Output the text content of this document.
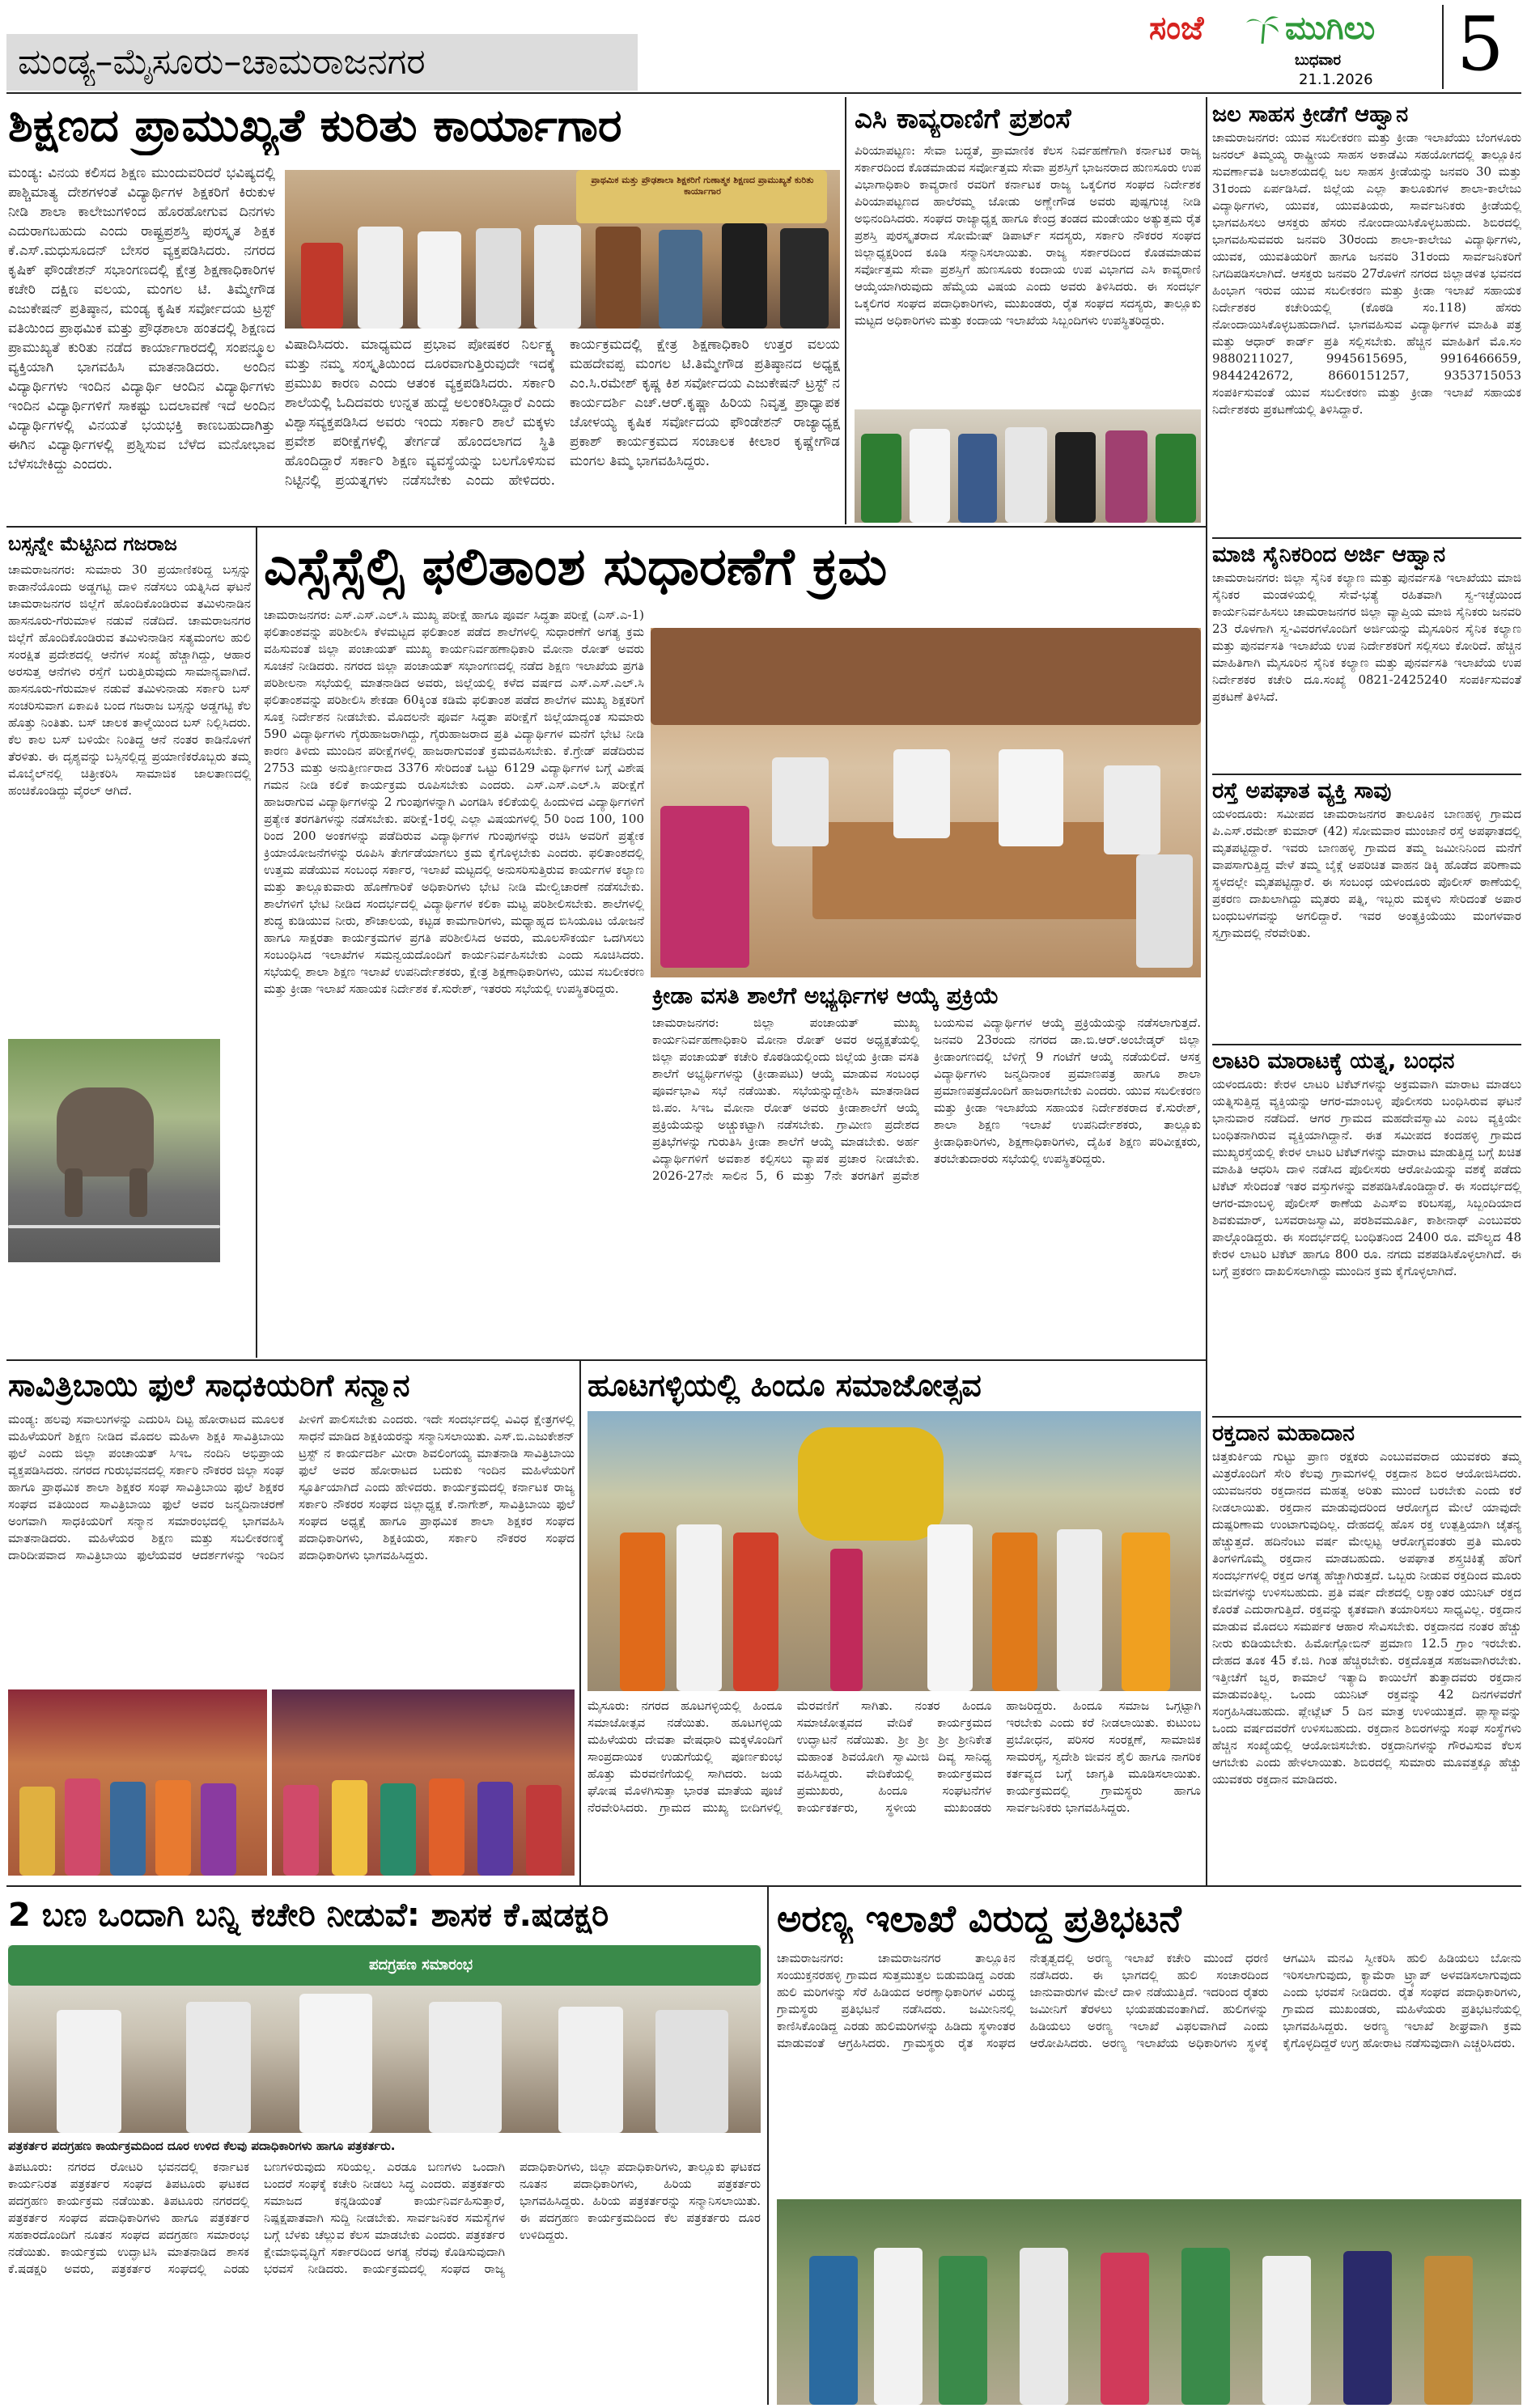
ಮಂಡ್ಯ–ಮೈಸೂರು–ಚಾಮರಾಜನಗರ
ಸಂಜೆ	ಮುಗಿಲು
ಬುಧವಾರ
21.1.2026 5
ಶಿಕ್ಷಣದ ಪ್ರಾಮುಖ್ಯತೆ ಕುರಿತು ಕಾರ್ಯಾಗಾರ
ಮಂಡ್ಯ: ವಿನಯ ಕಲಿಸದ ಶಿಕ್ಷಣ ಮುಂದುವರಿದರೆ ಭವಿಷ್ಯದಲ್ಲಿ ಪಾಶ್ಚಿಮಾತ್ಯ ದೇಶಗಳಂತೆ ವಿದ್ಯಾರ್ಥಿಗಳ ಶಿಕ್ಷಕರಿಗೆ ಕಿರುಕುಳ ನೀಡಿ ಶಾಲಾ ಕಾಲೇಜುಗಳಿಂದ ಹೊರಹೋಗುವ ದಿನಗಳು ಎದುರಾಗಬಹುದು ಎಂದು ರಾಷ್ಟ್ರಪ್ರಶಸ್ತಿ ಪುರಸ್ಕೃತ ಶಿಕ್ಷಕ ಕೆ.ಎಸ್.ಮಧುಸೂದನ್ ಬೇಸರ ವ್ಯಕ್ತಪಡಿಸಿದರು. ನಗರದ ಕೃಷಿಕ್ ಫೌಂಡೇಶನ್ ಸಭಾಂಗಣದಲ್ಲಿ ಕ್ಷೇತ್ರ ಶಿಕ್ಷಣಾಧಿಕಾರಿಗಳ ಕಚೇರಿ ದಕ್ಷಿಣ ವಲಯ, ಮಂಗಲ ಟಿ. ತಿಮ್ಮೇಗೌಡ ಎಜುಕೇಷನ್ ಪ್ರತಿಷ್ಠಾನ, ಮಂಡ್ಯ ಕೃಷಿಕ ಸರ್ವೋದಯ ಟ್ರಸ್ಟ್ ವತಿಯಿಂದ ಪ್ರಾಥಮಿಕ ಮತ್ತು ಪ್ರೌಢಶಾಲಾ ಹಂತದಲ್ಲಿ ಶಿಕ್ಷಣದ ಪ್ರಾಮುಖ್ಯತೆ ಕುರಿತು ನಡೆದ ಕಾರ್ಯಾಗಾರದಲ್ಲಿ ಸಂಪನ್ಮೂಲ ವ್ಯಕ್ತಿಯಾಗಿ ಭಾಗವಹಿಸಿ ಮಾತನಾಡಿದರು. ಅಂದಿನ ವಿದ್ಯಾರ್ಥಿಗಳು ಇಂದಿನ ವಿದ್ಯಾರ್ಥಿ ಆಂದಿನ ವಿದ್ಯಾರ್ಥಿಗಳು ಇಂದಿನ ವಿದ್ಯಾರ್ಥಿಗಳಿಗೆ ಸಾಕಷ್ಟು ಬದಲಾವಣೆ ಇದೆ ಅಂದಿನ ವಿದ್ಯಾರ್ಥಿಗಳಲ್ಲಿ ವಿನಯತೆ ಭಯಭಕ್ತಿ ಕಾಣಬಹುದಾಗಿತ್ತು ಈಗಿನ ವಿದ್ಯಾರ್ಥಿಗಳಲ್ಲಿ ಪ್ರಶ್ನಿಸುವ ಬೆಳೆದ ಮನೋಭಾವ ಬೆಳೆಸಬೇಕಿದ್ದು ಎಂದರು.
ಪ್ರಾಥಮಿಕ ಮತ್ತು ಪ್ರೌಢಶಾಲಾ ಶಿಕ್ಷಕರಿಗೆ ಗುಣಾತ್ಮಕ ಶಿಕ್ಷಣದ ಪ್ರಾಮುಖ್ಯತೆ ಕುರಿತು ಕಾರ್ಯಾಗಾರ
ವಿಷಾದಿಸಿದರು. ಮಾಧ್ಯಮದ ಪ್ರಭಾವ ಪೋಷಕರ ನಿರ್ಲಕ್ಷ್ಯ ಮತ್ತು ನಮ್ಮ ಸಂಸ್ಕೃತಿಯಿಂದ ದೂರವಾಗುತ್ತಿರುವುದೇ ಇದಕ್ಕೆ ಪ್ರಮುಖ ಕಾರಣ ಎಂದು ಆತಂಕ ವ್ಯಕ್ತಪಡಿಸಿದರು. ಸರ್ಕಾರಿ ಶಾಲೆಯಲ್ಲಿ ಓದಿದವರು ಉನ್ನತ ಹುದ್ದೆ ಅಲಂಕರಿಸಿದ್ದಾರೆ ಎಂದು ವಿಶ್ವಾಸವ್ಯಕ್ತಪಡಿಸಿದ ಅವರು ಇಂದು ಸರ್ಕಾರಿ ಶಾಲೆ ಮಕ್ಕಳು ಪ್ರವೇಶ ಪರೀಕ್ಷೆಗಳಲ್ಲಿ ತೇರ್ಗಡೆ ಹೊಂದಲಾಗದ ಸ್ಥಿತಿ ಹೊಂದಿದ್ದಾರೆ ಸರ್ಕಾರಿ ಶಿಕ್ಷಣ ವ್ಯವಸ್ಥೆಯನ್ನು ಬಲಗೊಳಿಸುವ ನಿಟ್ಟಿನಲ್ಲಿ ಪ್ರಯತ್ನಗಳು ನಡೆಸಬೇಕು ಎಂದು ಹೇಳಿದರು. ಕಾರ್ಯಕ್ರಮದಲ್ಲಿ ಕ್ಷೇತ್ರ ಶಿಕ್ಷಣಾಧಿಕಾರಿ ಉತ್ತರ ವಲಯ ಮಹದೇವಪ್ಪ ಮಂಗಲ ಟಿ.ತಿಮ್ಮೇಗೌಡ ಪ್ರತಿಷ್ಠಾನದ ಅಧ್ಯಕ್ಷ ಎಂ.ಸಿ.ರಮೇಶ್ ಕೃಷ್ಣ ಕಿಶ ಸರ್ವೋದಯ ಎಜುಕೇಷನ್ ಟ್ರಸ್ಟ್ ನ ಕಾರ್ಯದರ್ಶಿ ಎಚ್.ಆರ್.ಕೃಷ್ಣಾ ಹಿರಿಯ ನಿವೃತ್ತ ಪ್ರಾಧ್ಯಾಪಕ ಚೋಳಯ್ಯ ಕೃಷಿಕ ಸರ್ವೋದಯ ಫೌಂಡೇಶನ್ ರಾಜ್ಯಾಧ್ಯಕ್ಷ ಪ್ರಕಾಶ್ ಕಾರ್ಯಕ್ರಮದ ಸಂಚಾಲಕ ಕೀಲಾರ ಕೃಷ್ಣೇಗೌಡ ಮಂಗಲ ತಿಮ್ಮ ಭಾಗವಹಿಸಿದ್ದರು.
ಎಸಿ ಕಾವ್ಯರಾಣಿಗೆ ಪ್ರಶಂಸೆ
ಪಿರಿಯಾಪಟ್ಟಣ: ಸೇವಾ ಬದ್ಧತೆ, ಪ್ರಾಮಾಣಿಕ ಕೆಲಸ ನಿರ್ವಹಣೆಗಾಗಿ ಕರ್ನಾಟಕ ರಾಜ್ಯ ಸರ್ಕಾರದಿಂದ ಕೊಡಮಾಡುವ ಸರ್ವೋತ್ತಮ ಸೇವಾ ಪ್ರಶಸ್ತಿಗೆ ಭಾಜನರಾದ ಹುಣಸೂರು ಉಪ ವಿಭಾಗಾಧಿಕಾರಿ ಕಾವ್ಯರಾಣಿ ರವರಿಗೆ ಕರ್ನಾಟಕ ರಾಜ್ಯ ಒಕ್ಕಲಿಗರ ಸಂಘದ ನಿರ್ದೇಶಕ ಪಿರಿಯಾಪಟ್ಟಣದ ಹಾಲೆರಮ್ಮ ಜೋಡು ಅಣ್ಣೇಗೌಡ ಅವರು ಪುಷ್ಪಗುಚ್ಛ ನೀಡಿ ಅಭಿನಂದಿಸಿದರು. ಸಂಘದ ರಾಜ್ಯಾಧ್ಯಕ್ಷ ಹಾಗೂ ಕೇಂದ್ರ ತಂಡದ ಮಂಡೇಯಂ ಅತ್ಯುತ್ತಮ ರೈತ ಪ್ರಶಸ್ತಿ ಪುರಸ್ಕೃತರಾದ ಸೋಮೇಷ್ ಡಿಪಾರ್ಟ್ ಸದಸ್ಯರು, ಸರ್ಕಾರಿ ನೌಕರರ ಸಂಘದ ಜಿಲ್ಲಾಧ್ಯಕ್ಷರಿಂದ ಕೂಡಿ ಸನ್ಮಾನಿಸಲಾಯಿತು. ರಾಜ್ಯ ಸರ್ಕಾರದಿಂದ ಕೊಡಮಾಡುವ ಸರ್ವೋತ್ತಮ ಸೇವಾ ಪ್ರಶಸ್ತಿಗೆ ಹುಣಸೂರು ಕಂದಾಯ ಉಪ ವಿಭಾಗದ ಎಸಿ ಕಾವ್ಯರಾಣಿ ಆಯ್ಕೆಯಾಗಿರುವುದು ಹೆಮ್ಮೆಯ ವಿಷಯ ಎಂದು ಅವರು ತಿಳಿಸಿದರು. ಈ ಸಂದರ್ಭ ಒಕ್ಕಲಿಗರ ಸಂಘದ ಪದಾಧಿಕಾರಿಗಳು, ಮುಖಂಡರು, ರೈತ ಸಂಘದ ಸದಸ್ಯರು, ತಾಲ್ಲೂಕು ಮಟ್ಟದ ಅಧಿಕಾರಿಗಳು ಮತ್ತು ಕಂದಾಯ ಇಲಾಖೆಯ ಸಿಬ್ಬಂದಿಗಳು ಉಪಸ್ಥಿತರಿದ್ದರು.
ಜಲ ಸಾಹಸ ಕ್ರೀಡೆಗೆ ಆಹ್ವಾನ
ಚಾಮರಾಜನಗರ: ಯುವ ಸಬಲೀಕರಣ ಮತ್ತು ಕ್ರೀಡಾ ಇಲಾಖೆಯು ಬೆಂಗಳೂರು ಜನರಲ್ ತಿಮ್ಮಯ್ಯ ರಾಷ್ಟ್ರೀಯ ಸಾಹಸ ಅಕಾಡೆಮಿ ಸಹಯೋಗದಲ್ಲಿ ತಾಲ್ಲೂಕಿನ ಸುವರ್ಣಾವತಿ ಜಲಾಶಯದಲ್ಲಿ ಜಲ ಸಾಹಸ ಕ್ರೀಡೆಯನ್ನು ಜನವರಿ 30 ಮತ್ತು 31ರಂದು ಏರ್ಪಡಿಸಿದೆ. ಜಿಲ್ಲೆಯ ಎಲ್ಲಾ ತಾಲೂಕುಗಳ ಶಾಲಾ-ಕಾಲೇಜು ವಿದ್ಯಾರ್ಥಿಗಳು, ಯುವಕ, ಯುವತಿಯರು, ಸಾರ್ವಜನಿಕರು ಕ್ರೀಡೆಯಲ್ಲಿ ಭಾಗವಹಿಸಲು ಆಸಕ್ತರು ಹೆಸರು ನೋಂದಾಯಿಸಿಕೊಳ್ಳಬಹುದು. ಶಿಬಿರದಲ್ಲಿ ಭಾಗವಹಿಸುವವರು ಜನವರಿ 30ರಂದು ಶಾಲಾ-ಕಾಲೇಜು ವಿದ್ಯಾರ್ಥಿಗಳು, ಯುವಕ, ಯುವತಿಯರಿಗೆ ಹಾಗೂ ಜನವರಿ 31ರಂದು ಸಾರ್ವಜನಿಕರಿಗೆ ನಿಗದಿಪಡಿಸಲಾಗಿದೆ. ಆಸಕ್ತರು ಜನವರಿ 27ರೊಳಗೆ ನಗರದ ಜಿಲ್ಲಾಡಳಿತ ಭವನದ ಹಿಂಭಾಗ ಇರುವ ಯುವ ಸಬಲೀಕರಣ ಮತ್ತು ಕ್ರೀಡಾ ಇಲಾಖೆ ಸಹಾಯಕ ನಿರ್ದೇಶಕರ ಕಚೇರಿಯಲ್ಲಿ (ಕೊಠಡಿ ಸಂ.118) ಹೆಸರು ನೋಂದಾಯಿಸಿಕೊಳ್ಳಬಹುದಾಗಿದೆ. ಭಾಗವಹಿಸುವ ವಿದ್ಯಾರ್ಥಿಗಳ ಮಾಹಿತಿ ಪತ್ರ ಮತ್ತು ಆಧಾರ್ ಕಾರ್ಡ್ ಪ್ರತಿ ಸಲ್ಲಿಸಬೇಕು. ಹೆಚ್ಚಿನ ಮಾಹಿತಿಗೆ ಮೊ.ಸಂ 9880211027, 9945615695, 9916466659, 9844242672, 8660151257, 9353715053 ಸಂಪರ್ಕಿಸುವಂತೆ ಯುವ ಸಬಲೀಕರಣ ಮತ್ತು ಕ್ರೀಡಾ ಇಲಾಖೆ ಸಹಾಯಕ ನಿರ್ದೇಶಕರು ಪ್ರಕಟಣೆಯಲ್ಲಿ ತಿಳಿಸಿದ್ದಾರೆ.
ಮಾಜಿ ಸೈನಿಕರಿಂದ ಅರ್ಜಿ ಆಹ್ವಾನ
ಚಾಮರಾಜನಗರ: ಜಿಲ್ಲಾ ಸೈನಿಕ ಕಲ್ಯಾಣ ಮತ್ತು ಪುನರ್ವಸತಿ ಇಲಾಖೆಯು ಮಾಜಿ ಸೈನಿಕರ ಮಂಡಳಿಯಲ್ಲಿ ಸೇವೆ-ಭತ್ಯೆ ರಹಿತವಾಗಿ ಸ್ವ-ಇಚ್ಛೆಯಿಂದ ಕಾರ್ಯನಿರ್ವಹಿಸಲು ಚಾಮರಾಜನಗರ ಜಿಲ್ಲಾ ವ್ಯಾಪ್ತಿಯ ಮಾಜಿ ಸೈನಿಕರು ಜನವರಿ 23 ರೊಳಗಾಗಿ ಸ್ವ-ವಿವರಗಳೊಂದಿಗೆ ಅರ್ಜಿಯನ್ನು ಮೈಸೂರಿನ ಸೈನಿಕ ಕಲ್ಯಾಣ ಮತ್ತು ಪುನರ್ವಸತಿ ಇಲಾಖೆಯ ಉಪ ನಿರ್ದೇಶಕರಿಗೆ ಸಲ್ಲಿಸಲು ಕೋರಿದೆ. ಹೆಚ್ಚಿನ ಮಾಹಿತಿಗಾಗಿ ಮೈಸೂರಿನ ಸೈನಿಕ ಕಲ್ಯಾಣ ಮತ್ತು ಪುನರ್ವಸತಿ ಇಲಾಖೆಯ ಉಪ ನಿರ್ದೇಶಕರ ಕಚೇರಿ ದೂ.ಸಂಖ್ಯೆ 0821-2425240 ಸಂಪರ್ಕಿಸುವಂತೆ ಪ್ರಕಟಣೆ ತಿಳಿಸಿದೆ.
ರಸ್ತೆ ಅಪಘಾತ ವ್ಯಕ್ತಿ ಸಾವು
ಯಳಂದೂರು: ಸಮೀಪದ ಚಾಮರಾಜನಗರ ತಾಲೂಕಿನ ಬಾಣಹಳ್ಳಿ ಗ್ರಾಮದ ಪಿ.ಎಸ್.ರಮೇಶ್ ಕುಮಾರ್ (42) ಸೋಮವಾರ ಮುಂಜಾನೆ ರಸ್ತೆ ಅಪಘಾತದಲ್ಲಿ ಮೃತಪಟ್ಟಿದ್ದಾರೆ. ಇವರು ಬಾಣಹಳ್ಳಿ ಗ್ರಾಮದ ತಮ್ಮ ಜಮೀನಿನಿಂದ ಮನೆಗೆ ವಾಪಸಾಗುತ್ತಿದ್ದ ವೇಳೆ ತಮ್ಮ ಬೈಕ್ಗೆ ಅಪರಿಚಿತ ವಾಹನ ಡಿಕ್ಕಿ ಹೊಡೆದ ಪರಿಣಾಮ ಸ್ಥಳದಲ್ಲೇ ಮೃತಪಟ್ಟಿದ್ದಾರೆ. ಈ ಸಂಬಂಧ ಯಳಂದೂರು ಪೊಲೀಸ್ ಠಾಣೆಯಲ್ಲಿ ಪ್ರಕರಣ ದಾಖಲಾಗಿದ್ದು ಮೃತರು ಪತ್ನಿ, ಇಬ್ಬರು ಮಕ್ಕಳು ಸೇರಿದಂತೆ ಅಪಾರ ಬಂಧುಬಳಗವನ್ನು ಅಗಲಿದ್ದಾರೆ. ಇವರ ಅಂತ್ಯಕ್ರಿಯೆಯು ಮಂಗಳವಾರ ಸ್ವಗ್ರಾಮದಲ್ಲಿ ನೆರವೇರಿತು.
ಲಾಟರಿ ಮಾರಾಟಕ್ಕೆ ಯತ್ನ, ಬಂಧನ
ಯಳಂದೂರು: ಕೇರಳ ಲಾಟರಿ ಟಿಕೆಟ್‌ಗಳನ್ನು ಅಕ್ರಮವಾಗಿ ಮಾರಾಟ ಮಾಡಲು ಯತ್ನಿಸುತ್ತಿದ್ದ ವ್ಯಕ್ತಿಯನ್ನು ಆಗರ-ಮಾಂಬಳ್ಳಿ ಪೊಲೀಸರು ಬಂಧಿಸಿರುವ ಘಟನೆ ಭಾನುವಾರ ನಡೆದಿದೆ. ಆಗರ ಗ್ರಾಮದ ಮಹದೇವಸ್ವಾಮಿ ಎಂಬ ವ್ಯಕ್ತಿಯೇ ಬಂಧಿತನಾಗಿರುವ ವ್ಯಕ್ತಿಯಾಗಿದ್ದಾನೆ. ಈತ ಸಮೀಪದ ಕಂದಹಳ್ಳಿ ಗ್ರಾಮದ ಮುಖ್ಯರಸ್ತೆಯಲ್ಲಿ ಕೇರಳ ಲಾಟರಿ ಟಿಕೆಟ್‌ಗಳನ್ನು ಮಾರಾಟ ಮಾಡುತ್ತಿದ್ದ ಬಗ್ಗೆ ಖಚಿತ ಮಾಹಿತಿ ಆಧರಿಸಿ ದಾಳಿ ನಡೆಸಿದ ಪೊಲೀಸರು ಆರೋಪಿಯನ್ನು ವಶಕ್ಕೆ ಪಡೆದು ಟಿಕೆಟ್ ಸೇರಿದಂತೆ ಇತರ ವಸ್ತುಗಳನ್ನು ವಶಪಡಿಸಿಕೊಂಡಿದ್ದಾರೆ. ಈ ಸಂದರ್ಭದಲ್ಲಿ ಆಗರ-ಮಾಂಬಳ್ಳಿ ಪೊಲೀಸ್ ಠಾಣೆಯ ಪಿಎಸ್‌ಐ ಕರಿಬಸಪ್ಪ, ಸಿಬ್ಬಂದಿಯಾದ ಶಿವಕುಮಾರ್, ಬಸವರಾಜಸ್ವಾಮಿ, ಪರಶಿವಮೂರ್ತಿ, ಕಾಶೀನಾಥ್ ಎಂಬುವರು ಪಾಲ್ಗೊಂಡಿದ್ದರು. ಈ ಸಂದರ್ಭದಲ್ಲಿ ಬಂಧಿತನಿಂದ 2400 ರೂ. ಮೌಲ್ಯದ 48 ಕೇರಳ ಲಾಟರಿ ಟಿಕೆಟ್ ಹಾಗೂ 800 ರೂ. ನಗದು ವಶಪಡಿಸಿಕೊಳ್ಳಲಾಗಿದೆ. ಈ ಬಗ್ಗೆ ಪ್ರಕರಣ ದಾಖಲಿಸಲಾಗಿದ್ದು ಮುಂದಿನ ಕ್ರಮ ಕೈಗೊಳ್ಳಲಾಗಿದೆ.
ರಕ್ತದಾನ ಮಹಾದಾನ
ಚಿತ್ತಕುರ್ಕಿಯ ಗುಟ್ಟು ಪ್ರಾಣ ರಕ್ಷಕರು ಎಂಬುವವರಾದ ಯುವಕರು ತಮ್ಮ ಮಿತ್ರರೊಂದಿಗೆ ಸೇರಿ ಕೆಲವು ಗ್ರಾಮಗಳಲ್ಲಿ ರಕ್ತದಾನ ಶಿಬಿರ ಆಯೋಜಿಸಿದರು. ಯುವಜನರು ರಕ್ತದಾನದ ಮಹತ್ವ ಅರಿತು ಮುಂದೆ ಬರಬೇಕು ಎಂದು ಕರೆ ನೀಡಲಾಯಿತು. ರಕ್ತದಾನ ಮಾಡುವುದರಿಂದ ಆರೋಗ್ಯದ ಮೇಲೆ ಯಾವುದೇ ದುಷ್ಪರಿಣಾಮ ಉಂಟಾಗುವುದಿಲ್ಲ. ದೇಹದಲ್ಲಿ ಹೊಸ ರಕ್ತ ಉತ್ಪತ್ತಿಯಾಗಿ ಚೈತನ್ಯ ಹೆಚ್ಚುತ್ತದೆ. ಹದಿನೆಂಟು ವರ್ಷ ಮೇಲ್ಪಟ್ಟ ಆರೋಗ್ಯವಂತರು ಪ್ರತಿ ಮೂರು ತಿಂಗಳಿಗೊಮ್ಮೆ ರಕ್ತದಾನ ಮಾಡಬಹುದು. ಅಪಘಾತ ಶಸ್ತ್ರಚಿಕಿತ್ಸೆ ಹೆರಿಗೆ ಸಂದರ್ಭಗಳಲ್ಲಿ ರಕ್ತದ ಅಗತ್ಯ ಹೆಚ್ಚಾಗಿರುತ್ತದೆ. ಒಬ್ಬರು ನೀಡುವ ರಕ್ತದಿಂದ ಮೂರು ಜೀವಗಳನ್ನು ಉಳಿಸಬಹುದು. ಪ್ರತಿ ವರ್ಷ ದೇಶದಲ್ಲಿ ಲಕ್ಷಾಂತರ ಯುನಿಟ್ ರಕ್ತದ ಕೊರತೆ ಎದುರಾಗುತ್ತಿದೆ. ರಕ್ತವನ್ನು ಕೃತಕವಾಗಿ ತಯಾರಿಸಲು ಸಾಧ್ಯವಿಲ್ಲ. ರಕ್ತದಾನ ಮಾಡುವ ಮೊದಲು ಸಮರ್ಪಕ ಆಹಾರ ಸೇವಿಸಬೇಕು. ರಕ್ತದಾನದ ನಂತರ ಹೆಚ್ಚು ನೀರು ಕುಡಿಯಬೇಕು. ಹಿಮೋಗ್ಲೋಬಿನ್ ಪ್ರಮಾಣ 12.5 ಗ್ರಾಂ ಇರಬೇಕು. ದೇಹದ ತೂಕ 45 ಕೆ.ಜಿ. ಗಿಂತ ಹೆಚ್ಚಿರಬೇಕು. ರಕ್ತದೊತ್ತಡ ಸಹಜವಾಗಿರಬೇಕು. ಇತ್ತೀಚೆಗೆ ಜ್ವರ, ಕಾಮಾಲೆ ಇತ್ಯಾದಿ ಕಾಯಿಲೆಗೆ ತುತ್ತಾದವರು ರಕ್ತದಾನ ಮಾಡುವಂತಿಲ್ಲ. ಒಂದು ಯುನಿಟ್ ರಕ್ತವನ್ನು 42 ದಿನಗಳವರೆಗೆ ಸಂಗ್ರಹಿಸಿಡಬಹುದು. ಪ್ಲೇಟ್ಲೆಟ್ 5 ದಿನ ಮಾತ್ರ ಉಳಿಯುತ್ತದೆ. ಪ್ಲಾಸ್ಮಾವನ್ನು ಒಂದು ವರ್ಷದವರೆಗೆ ಉಳಿಸಬಹುದು. ರಕ್ತದಾನ ಶಿಬಿರಗಳನ್ನು ಸಂಘ ಸಂಸ್ಥೆಗಳು ಹೆಚ್ಚಿನ ಸಂಖ್ಯೆಯಲ್ಲಿ ಆಯೋಜಿಸಬೇಕು. ರಕ್ತದಾನಿಗಳನ್ನು ಗೌರವಿಸುವ ಕೆಲಸ ಆಗಬೇಕು ಎಂದು ಹೇಳಲಾಯಿತು. ಶಿಬಿರದಲ್ಲಿ ಸುಮಾರು ಮೂವತ್ತಕ್ಕೂ ಹೆಚ್ಚು ಯುವಕರು ರಕ್ತದಾನ ಮಾಡಿದರು.
ಬಸ್ಸನ್ನೇ ಮೆಟ್ಟಿನಿದ ಗಜರಾಜ
ಚಾಮರಾಜನಗರ: ಸುಮಾರು 30 ಪ್ರಯಾಣಿಕರಿದ್ದ ಬಸ್ಸನ್ನು ಕಾಡಾನೆಯೊಂದು ಅಡ್ಡಗಟ್ಟಿ ದಾಳಿ ನಡೆಸಲು ಯತ್ನಿಸಿದ ಘಟನೆ ಚಾಮರಾಜನಗರ ಜಿಲ್ಲೆಗೆ ಹೊಂದಿಕೊಂಡಿರುವ ತಮಿಳುನಾಡಿನ ಹಾಸನೂರು-ಗೆರುಮಾಳ ನಡುವೆ ನಡೆದಿದೆ. ಚಾಮರಾಜನಗರ ಜಿಲ್ಲೆಗೆ ಹೊಂದಿಕೊಂಡಿರುವ ತಮಿಳುನಾಡಿನ ಸತ್ಯಮಂಗಲ ಹುಲಿ ಸಂರಕ್ಷಿತ ಪ್ರದೇಶದಲ್ಲಿ ಆನೆಗಳ ಸಂಖ್ಯೆ ಹೆಚ್ಚಾಗಿದ್ದು, ಆಹಾರ ಅರಸುತ್ತ ಆನೆಗಳು ರಸ್ತೆಗೆ ಬರುತ್ತಿರುವುದು ಸಾಮಾನ್ಯವಾಗಿದೆ. ಹಾಸನೂರು-ಗೆರುಮಾಳ ನಡುವೆ ತಮಿಳುನಾಡು ಸರ್ಕಾರಿ ಬಸ್ ಸಂಚರಿಸುವಾಗ ಏಕಾಏಕಿ ಬಂದ ಗಜರಾಜ ಬಸ್ಸನ್ನು ಅಡ್ಡಗಟ್ಟಿ ಕೆಲ ಹೊತ್ತು ನಿಂತಿತು. ಬಸ್ ಚಾಲಕ ತಾಳ್ಮೆಯಿಂದ ಬಸ್ ನಿಲ್ಲಿಸಿದರು. ಕೆಲ ಕಾಲ ಬಸ್ ಬಳಿಯೇ ನಿಂತಿದ್ದ ಆನೆ ನಂತರ ಕಾಡಿನೊಳಗೆ ತೆರಳಿತು. ಈ ದೃಶ್ಯವನ್ನು ಬಸ್ಸಿನಲ್ಲಿದ್ದ ಪ್ರಯಾಣಿಕರೊಬ್ಬರು ತಮ್ಮ ಮೊಬೈಲ್‌ನಲ್ಲಿ ಚಿತ್ರೀಕರಿಸಿ ಸಾಮಾಜಿಕ ಜಾಲತಾಣದಲ್ಲಿ ಹಂಚಿಕೊಂಡಿದ್ದು ವೈರಲ್ ಆಗಿದೆ.
ಎಸ್ಸೆಸ್ಸೆಲ್ಸಿ ಫಲಿತಾಂಶ ಸುಧಾರಣೆಗೆ ಕ್ರಮ
ಚಾಮರಾಜನಗರ: ಎಸ್.ಎಸ್.ಎಲ್.ಸಿ ಮುಖ್ಯ ಪರೀಕ್ಷೆ ಹಾಗೂ ಪೂರ್ವ ಸಿದ್ಧತಾ ಪರೀಕ್ಷೆ (ಎಸ್.ಎ-1) ಫಲಿತಾಂಶವನ್ನು ಪರಿಶೀಲಿಸಿ ಕೆಳಮಟ್ಟದ ಫಲಿತಾಂಶ ಪಡೆದ ಶಾಲೆಗಳಲ್ಲಿ ಸುಧಾರಣೆಗೆ ಅಗತ್ಯ ಕ್ರಮ ವಹಿಸುವಂತೆ ಜಿಲ್ಲಾ ಪಂಚಾಯತ್ ಮುಖ್ಯ ಕಾರ್ಯನಿರ್ವಹಣಾಧಿಕಾರಿ ಮೋನಾ ರೋತ್ ಅವರು ಸೂಚನೆ ನೀಡಿದರು. ನಗರದ ಜಿಲ್ಲಾ ಪಂಚಾಯತ್ ಸಭಾಂಗಣದಲ್ಲಿ ನಡೆದ ಶಿಕ್ಷಣ ಇಲಾಖೆಯ ಪ್ರಗತಿ ಪರಿಶೀಲನಾ ಸಭೆಯಲ್ಲಿ ಮಾತನಾಡಿದ ಅವರು, ಜಿಲ್ಲೆಯಲ್ಲಿ ಕಳೆದ ವರ್ಷದ ಎಸ್.ಎಸ್.ಎಲ್.ಸಿ ಫಲಿತಾಂಶವನ್ನು ಪರಿಶೀಲಿಸಿ ಶೇಕಡಾ 60ಕ್ಕಿಂತ ಕಡಿಮೆ ಫಲಿತಾಂಶ ಪಡೆದ ಶಾಲೆಗಳ ಮುಖ್ಯ ಶಿಕ್ಷಕರಿಗೆ ಸೂಕ್ತ ನಿರ್ದೇಶನ ನೀಡಬೇಕು. ಮೊದಲನೇ ಪೂರ್ವ ಸಿದ್ಧತಾ ಪರೀಕ್ಷೆಗೆ ಜಿಲ್ಲೆಯಾದ್ಯಂತ ಸುಮಾರು 590 ವಿದ್ಯಾರ್ಥಿಗಳು ಗೈರುಹಾಜರಾಗಿದ್ದು, ಗೈರುಹಾಜರಾದ ಪ್ರತಿ ವಿದ್ಯಾರ್ಥಿಗಳ ಮನೆಗೆ ಭೇಟಿ ನೀಡಿ ಕಾರಣ ತಿಳಿದು ಮುಂದಿನ ಪರೀಕ್ಷೆಗಳಲ್ಲಿ ಹಾಜರಾಗುವಂತೆ ಕ್ರಮವಹಿಸಬೇಕು. ಕೆ.ಗ್ರೇಡ್ ಪಡೆದಿರುವ 2753 ಮತ್ತು ಅನುತ್ತೀರ್ಣರಾದ 3376 ಸೇರಿದಂತೆ ಒಟ್ಟು 6129 ವಿದ್ಯಾರ್ಥಿಗಳ ಬಗ್ಗೆ ವಿಶೇಷ ಗಮನ ನೀಡಿ ಕಲಿಕೆ ಕಾರ್ಯಕ್ರಮ ರೂಪಿಸಬೇಕು ಎಂದರು. ಎಸ್.ಎಸ್.ಎಲ್.ಸಿ ಪರೀಕ್ಷೆಗೆ ಹಾಜರಾಗುವ ವಿದ್ಯಾರ್ಥಿಗಳನ್ನು 2 ಗುಂಪುಗಳನ್ನಾಗಿ ವಿಂಗಡಿಸಿ ಕಲಿಕೆಯಲ್ಲಿ ಹಿಂದುಳಿದ ವಿದ್ಯಾರ್ಥಿಗಳಿಗೆ ಪ್ರತ್ಯೇಕ ತರಗತಿಗಳನ್ನು ನಡೆಸಬೇಕು. ಪರೀಕ್ಷೆ-1ರಲ್ಲಿ ಎಲ್ಲಾ ವಿಷಯಗಳಲ್ಲಿ 50 ರಿಂದ 100, 100 ರಿಂದ 200 ಅಂಕಗಳನ್ನು ಪಡೆದಿರುವ ವಿದ್ಯಾರ್ಥಿಗಳ ಗುಂಪುಗಳನ್ನು ರಚಿಸಿ ಅವರಿಗೆ ಪ್ರತ್ಯೇಕ ಕ್ರಿಯಾಯೋಜನೆಗಳನ್ನು ರೂಪಿಸಿ ತೇರ್ಗಡೆಯಾಗಲು ಕ್ರಮ ಕೈಗೊಳ್ಳಬೇಕು ಎಂದರು. ಫಲಿತಾಂಶದಲ್ಲಿ ಉತ್ತಮ ಪಡೆಯುವ ಸಂಬಂಧ ಸರ್ಕಾರ, ಇಲಾಖೆ ಮಟ್ಟದಲ್ಲಿ ಅನುಸರಿಸುತ್ತಿರುವ ಕಾರ್ಯಗಳ ಕಲ್ಯಾಣ ಮತ್ತು ತಾಲ್ಲೂಕುವಾರು ಹೊಣೆಗಾರಿಕೆ ಅಧಿಕಾರಿಗಳು ಭೇಟಿ ನೀಡಿ ಮೇಲ್ವಿಚಾರಣೆ ನಡೆಸಬೇಕು. ಶಾಲೆಗಳಿಗೆ ಭೇಟಿ ನೀಡಿದ ಸಂದರ್ಭದಲ್ಲಿ ವಿದ್ಯಾರ್ಥಿಗಳ ಕಲಿಕಾ ಮಟ್ಟ ಪರಿಶೀಲಿಸಬೇಕು. ಶಾಲೆಗಳಲ್ಲಿ ಶುದ್ಧ ಕುಡಿಯುವ ನೀರು, ಶೌಚಾಲಯ, ಕಟ್ಟಡ ಕಾಮಗಾರಿಗಳು, ಮಧ್ಯಾಹ್ನದ ಬಿಸಿಯೂಟ ಯೋಜನೆ ಹಾಗೂ ಸಾಕ್ಷರತಾ ಕಾರ್ಯಕ್ರಮಗಳ ಪ್ರಗತಿ ಪರಿಶೀಲಿಸಿದ ಅವರು, ಮೂಲಸೌಕರ್ಯ ಒದಗಿಸಲು ಸಂಬಂಧಿಸಿದ ಇಲಾಖೆಗಳ ಸಮನ್ವಯದೊಂದಿಗೆ ಕಾರ್ಯನಿರ್ವಹಿಸಬೇಕು ಎಂದು ಸೂಚಿಸಿದರು. ಸಭೆಯಲ್ಲಿ ಶಾಲಾ ಶಿಕ್ಷಣ ಇಲಾಖೆ ಉಪನಿರ್ದೇಶಕರು, ಕ್ಷೇತ್ರ ಶಿಕ್ಷಣಾಧಿಕಾರಿಗಳು, ಯುವ ಸಬಲೀಕರಣ ಮತ್ತು ಕ್ರೀಡಾ ಇಲಾಖೆ ಸಹಾಯಕ ನಿರ್ದೇಶಕ ಕೆ.ಸುರೇಶ್, ಇತರರು ಸಭೆಯಲ್ಲಿ ಉಪಸ್ಥಿತರಿದ್ದರು.	ಕ್ರೀಡಾ ವಸತಿ ಶಾಲೆಗೆ ಅಭ್ಯರ್ಥಿಗಳ ಆಯ್ಕೆ ಪ್ರಕ್ರಿಯೆ
ಚಾಮರಾಜನಗರ: ಜಿಲ್ಲಾ ಪಂಚಾಯತ್ ಮುಖ್ಯ ಕಾರ್ಯನಿರ್ವಹಣಾಧಿಕಾರಿ ಮೋನಾ ರೋತ್ ಅವರ ಅಧ್ಯಕ್ಷತೆಯಲ್ಲಿ ಜಿಲ್ಲಾ ಪಂಚಾಯತ್ ಕಚೇರಿ ಕೊಠಡಿಯಲ್ಲಿಂದು ಜಿಲ್ಲೆಯ ಕ್ರೀಡಾ ವಸತಿ ಶಾಲೆಗೆ ಅಭ್ಯರ್ಥಿಗಳನ್ನು (ಕ್ರೀಡಾಪಟು) ಆಯ್ಕೆ ಮಾಡುವ ಸಂಬಂಧ ಪೂರ್ವಭಾವಿ ಸಭೆ ನಡೆಯಿತು. ಸಭೆಯನ್ನುದ್ದೇಶಿಸಿ ಮಾತನಾಡಿದ ಜಿ.ಪಂ. ಸಿಇಒ ಮೋನಾ ರೋತ್ ಅವರು ಕ್ರೀಡಾಶಾಲೆಗೆ ಆಯ್ಕೆ ಪ್ರಕ್ರಿಯೆಯನ್ನು ಅಚ್ಚುಕಟ್ಟಾಗಿ ನಡೆಸಬೇಕು. ಗ್ರಾಮೀಣ ಪ್ರದೇಶದ ಪ್ರತಿಭೆಗಳನ್ನು ಗುರುತಿಸಿ ಕ್ರೀಡಾ ಶಾಲೆಗೆ ಆಯ್ಕೆ ಮಾಡಬೇಕು. ಅರ್ಹ ವಿದ್ಯಾರ್ಥಿಗಳಿಗೆ ಅವಕಾಶ ಕಲ್ಪಿಸಲು ವ್ಯಾಪಕ ಪ್ರಚಾರ ನೀಡಬೇಕು. 2026-27ನೇ ಸಾಲಿನ 5, 6 ಮತ್ತು 7ನೇ ತರಗತಿಗೆ ಪ್ರವೇಶ ಬಯಸುವ ವಿದ್ಯಾರ್ಥಿಗಳ ಆಯ್ಕೆ ಪ್ರಕ್ರಿಯೆಯನ್ನು ನಡೆಸಲಾಗುತ್ತದೆ. ಜನವರಿ 23ರಂದು ನಗರದ ಡಾ.ಬಿ.ಆರ್.ಅಂಬೇಡ್ಕರ್ ಜಿಲ್ಲಾ ಕ್ರೀಡಾಂಗಣದಲ್ಲಿ ಬೆಳಿಗ್ಗೆ 9 ಗಂಟೆಗೆ ಆಯ್ಕೆ ನಡೆಯಲಿದೆ. ಆಸಕ್ತ ವಿದ್ಯಾರ್ಥಿಗಳು ಜನ್ಮದಿನಾಂಕ ಪ್ರಮಾಣಪತ್ರ ಹಾಗೂ ಶಾಲಾ ಪ್ರಮಾಣಪತ್ರದೊಂದಿಗೆ ಹಾಜರಾಗಬೇಕು ಎಂದರು. ಯುವ ಸಬಲೀಕರಣ ಮತ್ತು ಕ್ರೀಡಾ ಇಲಾಖೆಯ ಸಹಾಯಕ ನಿರ್ದೇಶಕರಾದ ಕೆ.ಸುರೇಶ್, ಶಾಲಾ ಶಿಕ್ಷಣ ಇಲಾಖೆ ಉಪನಿರ್ದೇಶಕರು, ತಾಲ್ಲೂಕು ಕ್ರೀಡಾಧಿಕಾರಿಗಳು, ಶಿಕ್ಷಣಾಧಿಕಾರಿಗಳು, ದೈಹಿಕ ಶಿಕ್ಷಣ ಪರಿವೀಕ್ಷಕರು, ತರಬೇತುದಾರರು ಸಭೆಯಲ್ಲಿ ಉಪಸ್ಥಿತರಿದ್ದರು.
ಸಾವಿತ್ರಿಬಾಯಿ ಫುಲೆ ಸಾಧಕಿಯರಿಗೆ ಸನ್ಮಾನ
ಮಂಡ್ಯ: ಹಲವು ಸವಾಲುಗಳನ್ನು ಎದುರಿಸಿ ದಿಟ್ಟ ಹೋರಾಟದ ಮೂಲಕ ಮಹಿಳೆಯರಿಗೆ ಶಿಕ್ಷಣ ನೀಡಿದ ಮೊದಲ ಮಹಿಳಾ ಶಿಕ್ಷಕಿ ಸಾವಿತ್ರಿಬಾಯಿ ಫುಲೆ ಎಂದು ಜಿಲ್ಲಾ ಪಂಚಾಯತ್ ಸಿಇಒ ನಂದಿನಿ ಅಭಿಪ್ರಾಯ ವ್ಯಕ್ತಪಡಿಸಿದರು. ನಗರದ ಗುರುಭವನದಲ್ಲಿ ಸರ್ಕಾರಿ ನೌಕರರ ಜಿಲ್ಲಾ ಸಂಘ ಹಾಗೂ ಪ್ರಾಥಮಿಕ ಶಾಲಾ ಶಿಕ್ಷಕರ ಸಂಘ ಸಾವಿತ್ರಿಬಾಯಿ ಫುಲೆ ಶಿಕ್ಷಕರ ಸಂಘದ ವತಿಯಿಂದ ಸಾವಿತ್ರಿಬಾಯಿ ಫುಲೆ ಅವರ ಜನ್ಮದಿನಾಚರಣೆ ಅಂಗವಾಗಿ ಸಾಧಕಿಯರಿಗೆ ಸನ್ಮಾನ ಸಮಾರಂಭದಲ್ಲಿ ಭಾಗವಹಿಸಿ ಮಾತನಾಡಿದರು. ಮಹಿಳೆಯರ ಶಿಕ್ಷಣ ಮತ್ತು ಸಬಲೀಕರಣಕ್ಕೆ ದಾರಿದೀಪವಾದ ಸಾವಿತ್ರಿಬಾಯಿ ಫುಲೆಯವರ ಆದರ್ಶಗಳನ್ನು ಇಂದಿನ ಪೀಳಿಗೆ ಪಾಲಿಸಬೇಕು ಎಂದರು. ಇದೇ ಸಂದರ್ಭದಲ್ಲಿ ವಿವಿಧ ಕ್ಷೇತ್ರಗಳಲ್ಲಿ ಸಾಧನೆ ಮಾಡಿದ ಶಿಕ್ಷಕಿಯರನ್ನು ಸನ್ಮಾನಿಸಲಾಯಿತು. ಎಸ್.ಬಿ.ಎಜುಕೇಶನ್ ಟ್ರಸ್ಟ್ ನ ಕಾರ್ಯದರ್ಶಿ ಮೀರಾ ಶಿವಲಿಂಗಯ್ಯ ಮಾತನಾಡಿ ಸಾವಿತ್ರಿಬಾಯಿ ಫುಲೆ ಅವರ ಹೋರಾಟದ ಬದುಕು ಇಂದಿನ ಮಹಿಳೆಯರಿಗೆ ಸ್ಫೂರ್ತಿಯಾಗಿದೆ ಎಂದು ಹೇಳಿದರು. ಕಾರ್ಯಕ್ರಮದಲ್ಲಿ ಕರ್ನಾಟಕ ರಾಜ್ಯ ಸರ್ಕಾರಿ ನೌಕರರ ಸಂಘದ ಜಿಲ್ಲಾಧ್ಯಕ್ಷ ಕೆ.ನಾಗೇಶ್, ಸಾವಿತ್ರಿಬಾಯಿ ಫುಲೆ ಸಂಘದ ಅಧ್ಯಕ್ಷೆ ಹಾಗೂ ಪ್ರಾಥಮಿಕ ಶಾಲಾ ಶಿಕ್ಷಕರ ಸಂಘದ ಪದಾಧಿಕಾರಿಗಳು, ಶಿಕ್ಷಕಿಯರು, ಸರ್ಕಾರಿ ನೌಕರರ ಸಂಘದ ಪದಾಧಿಕಾರಿಗಳು ಭಾಗವಹಿಸಿದ್ದರು.
ಹೂಟಗಳ್ಳಿಯಲ್ಲಿ ಹಿಂದೂ ಸಮಾಜೋತ್ಸವ
ಮೈಸೂರು: ನಗರದ ಹೂಟಗಳ್ಳಿಯಲ್ಲಿ ಹಿಂದೂ ಸಮಾಜೋತ್ಸವ ನಡೆಯಿತು. ಹೂಟಗಳ್ಳಿಯ ಮಹಿಳೆಯರು ದೇವತಾ ವೇಷಧಾರಿ ಮಕ್ಕಳೊಂದಿಗೆ ಸಾಂಪ್ರದಾಯಿಕ ಉಡುಗೆಯಲ್ಲಿ ಪೂರ್ಣಕುಂಭ ಹೊತ್ತು ಮೆರವಣಿಗೆಯಲ್ಲಿ ಸಾಗಿದರು. ಜಯ ಘೋಷ ಮೊಳಗಿಸುತ್ತಾ ಭಾರತ ಮಾತೆಯ ಪೂಜೆ ನೆರವೇರಿಸಿದರು. ಗ್ರಾಮದ ಮುಖ್ಯ ಬೀದಿಗಳಲ್ಲಿ ಮೆರವಣಿಗೆ ಸಾಗಿತು. ನಂತರ ಹಿಂದೂ ಸಮಾಜೋತ್ಸವದ ವೇದಿಕೆ ಕಾರ್ಯಕ್ರಮದ ಉದ್ಘಾಟನೆ ನಡೆಯಿತು. ಶ್ರೀ ಶ್ರೀ ಶ್ರೀ ಶ್ರೀನಿಕೇತ ಮಹಾಂತ ಶಿವಯೋಗಿ ಸ್ವಾಮೀಜಿ ದಿವ್ಯ ಸಾನಿಧ್ಯ ವಹಿಸಿದ್ದರು. ವೇದಿಕೆಯಲ್ಲಿ ಕಾರ್ಯಕ್ರಮದ ಪ್ರಮುಖರು, ಹಿಂದೂ ಸಂಘಟನೆಗಳ ಕಾರ್ಯಕರ್ತರು, ಸ್ಥಳೀಯ ಮುಖಂಡರು ಹಾಜರಿದ್ದರು. ಹಿಂದೂ ಸಮಾಜ ಒಗ್ಗಟ್ಟಾಗಿ ಇರಬೇಕು ಎಂದು ಕರೆ ನೀಡಲಾಯಿತು. ಕುಟುಂಬ ಪ್ರಬೋಧನ, ಪರಿಸರ ಸಂರಕ್ಷಣೆ, ಸಾಮಾಜಿಕ ಸಾಮರಸ್ಯ, ಸ್ವದೇಶಿ ಜೀವನ ಶೈಲಿ ಹಾಗೂ ನಾಗರಿಕ ಕರ್ತವ್ಯದ ಬಗ್ಗೆ ಜಾಗೃತಿ ಮೂಡಿಸಲಾಯಿತು. ಕಾರ್ಯಕ್ರಮದಲ್ಲಿ ಗ್ರಾಮಸ್ಥರು ಹಾಗೂ ಸಾರ್ವಜನಿಕರು ಭಾಗವಹಿಸಿದ್ದರು.
2 ಬಣ ಒಂದಾಗಿ ಬನ್ನಿ ಕಚೇರಿ ನೀಡುವೆ: ಶಾಸಕ ಕೆ.ಷಡಕ್ಷರಿ
ಪದಗ್ರಹಣ ಸಮಾರಂಭ
ಪತ್ರಕರ್ತರ ಪದಗ್ರಹಣ ಕಾರ್ಯಕ್ರಮದಿಂದ ದೂರ ಉಳಿದ ಕೆಲವು ಪದಾಧಿಕಾರಿಗಳು ಹಾಗೂ ಪತ್ರಕರ್ತರು.
ತಿಪಟೂರು: ನಗರದ ರೋಟರಿ ಭವನದಲ್ಲಿ ಕರ್ನಾಟಕ ಕಾರ್ಯನಿರತ ಪತ್ರಕರ್ತರ ಸಂಘದ ತಿಪಟೂರು ಘಟಕದ ಪದಗ್ರಹಣ ಕಾರ್ಯಕ್ರಮ ನಡೆಯಿತು. ತಿಪಟೂರು ನಗರದಲ್ಲಿ ಪತ್ರಕರ್ತರ ಸಂಘದ ಪದಾಧಿಕಾರಿಗಳು ಹಾಗೂ ಪತ್ರಕರ್ತರ ಸಹಕಾರದೊಂದಿಗೆ ನೂತನ ಸಂಘದ ಪದಗ್ರಹಣ ಸಮಾರಂಭ ನಡೆಯಿತು. ಕಾರ್ಯಕ್ರಮ ಉದ್ಘಾಟಿಸಿ ಮಾತನಾಡಿದ ಶಾಸಕ ಕೆ.ಷಡಕ್ಷರಿ ಅವರು, ಪತ್ರಕರ್ತರ ಸಂಘದಲ್ಲಿ ಎರಡು ಬಣಗಳಿರುವುದು ಸರಿಯಲ್ಲ. ಎರಡೂ ಬಣಗಳು ಒಂದಾಗಿ ಬಂದರೆ ಸಂಘಕ್ಕೆ ಕಚೇರಿ ನೀಡಲು ಸಿದ್ಧ ಎಂದರು. ಪತ್ರಕರ್ತರು ಸಮಾಜದ ಕನ್ನಡಿಯಂತೆ ಕಾರ್ಯನಿರ್ವಹಿಸುತ್ತಾರೆ, ನಿಷ್ಪಕ್ಷಪಾತವಾಗಿ ಸುದ್ದಿ ನೀಡಬೇಕು. ಸಾರ್ವಜನಿಕರ ಸಮಸ್ಯೆಗಳ ಬಗ್ಗೆ ಬೆಳಕು ಚೆಲ್ಲುವ ಕೆಲಸ ಮಾಡಬೇಕು ಎಂದರು. ಪತ್ರಕರ್ತರ ಕ್ಷೇಮಾಭಿವೃದ್ಧಿಗೆ ಸರ್ಕಾರದಿಂದ ಅಗತ್ಯ ನೆರವು ಕೊಡಿಸುವುದಾಗಿ ಭರವಸೆ ನೀಡಿದರು. ಕಾರ್ಯಕ್ರಮದಲ್ಲಿ ಸಂಘದ ರಾಜ್ಯ ಪದಾಧಿಕಾರಿಗಳು, ಜಿಲ್ಲಾ ಪದಾಧಿಕಾರಿಗಳು, ತಾಲ್ಲೂಕು ಘಟಕದ ನೂತನ ಪದಾಧಿಕಾರಿಗಳು, ಹಿರಿಯ ಪತ್ರಕರ್ತರು ಭಾಗವಹಿಸಿದ್ದರು. ಹಿರಿಯ ಪತ್ರಕರ್ತರನ್ನು ಸನ್ಮಾನಿಸಲಾಯಿತು. ಈ ಪದಗ್ರಹಣ ಕಾರ್ಯಕ್ರಮದಿಂದ ಕೆಲ ಪತ್ರಕರ್ತರು ದೂರ ಉಳಿದಿದ್ದರು.
ಅರಣ್ಯ ಇಲಾಖೆ ವಿರುದ್ಧ ಪ್ರತಿಭಟನೆ
ಚಾಮರಾಜನಗರ: ಚಾಮರಾಜನಗರ ತಾಲ್ಲೂಕಿನ ಸಂಯುಕ್ತನರಹಳ್ಳಿ ಗ್ರಾಮದ ಸುತ್ತಮುತ್ತಲ ಬಿಡುಮಡಿದ್ದ ಎರಡು ಹುಲಿ ಮರಿಗಳನ್ನು ಸೆರೆ ಹಿಡಿಯದ ಅರಣ್ಯಾಧಿಕಾರಿಗಳ ವಿರುದ್ಧ ಗ್ರಾಮಸ್ಥರು ಪ್ರತಿಭಟನೆ ನಡೆಸಿದರು. ಜಮೀನಿನಲ್ಲಿ ಕಾಣಿಸಿಕೊಂಡಿದ್ದ ಎರಡು ಹುಲಿಮರಿಗಳನ್ನು ಹಿಡಿದು ಸ್ಥಳಾಂತರ ಮಾಡುವಂತೆ ಆಗ್ರಹಿಸಿದರು. ಗ್ರಾಮಸ್ಥರು ರೈತ ಸಂಘದ ನೇತೃತ್ವದಲ್ಲಿ ಅರಣ್ಯ ಇಲಾಖೆ ಕಚೇರಿ ಮುಂದೆ ಧರಣಿ ನಡೆಸಿದರು. ಈ ಭಾಗದಲ್ಲಿ ಹುಲಿ ಸಂಚಾರದಿಂದ ಜಾನುವಾರುಗಳ ಮೇಲೆ ದಾಳಿ ನಡೆಯುತ್ತಿದೆ. ಇದರಿಂದ ರೈತರು ಜಮೀನಿಗೆ ತೆರಳಲು ಭಯಪಡುವಂತಾಗಿದೆ. ಹುಲಿಗಳನ್ನು ಹಿಡಿಯಲು ಅರಣ್ಯ ಇಲಾಖೆ ವಿಫಲವಾಗಿದೆ ಎಂದು ಆರೋಪಿಸಿದರು. ಅರಣ್ಯ ಇಲಾಖೆಯ ಅಧಿಕಾರಿಗಳು ಸ್ಥಳಕ್ಕೆ ಆಗಮಿಸಿ ಮನವಿ ಸ್ವೀಕರಿಸಿ ಹುಲಿ ಹಿಡಿಯಲು ಬೋನು ಇರಿಸಲಾಗುವುದು, ಕ್ಯಾಮೆರಾ ಟ್ರ್ಯಾಪ್ ಅಳವಡಿಸಲಾಗುವುದು ಎಂದು ಭರವಸೆ ನೀಡಿದರು. ರೈತ ಸಂಘದ ಪದಾಧಿಕಾರಿಗಳು, ಗ್ರಾಮದ ಮುಖಂಡರು, ಮಹಿಳೆಯರು ಪ್ರತಿಭಟನೆಯಲ್ಲಿ ಭಾಗವಹಿಸಿದ್ದರು. ಅರಣ್ಯ ಇಲಾಖೆ ಶೀಘ್ರವಾಗಿ ಕ್ರಮ ಕೈಗೊಳ್ಳದಿದ್ದರೆ ಉಗ್ರ ಹೋರಾಟ ನಡೆಸುವುದಾಗಿ ಎಚ್ಚರಿಸಿದರು.
